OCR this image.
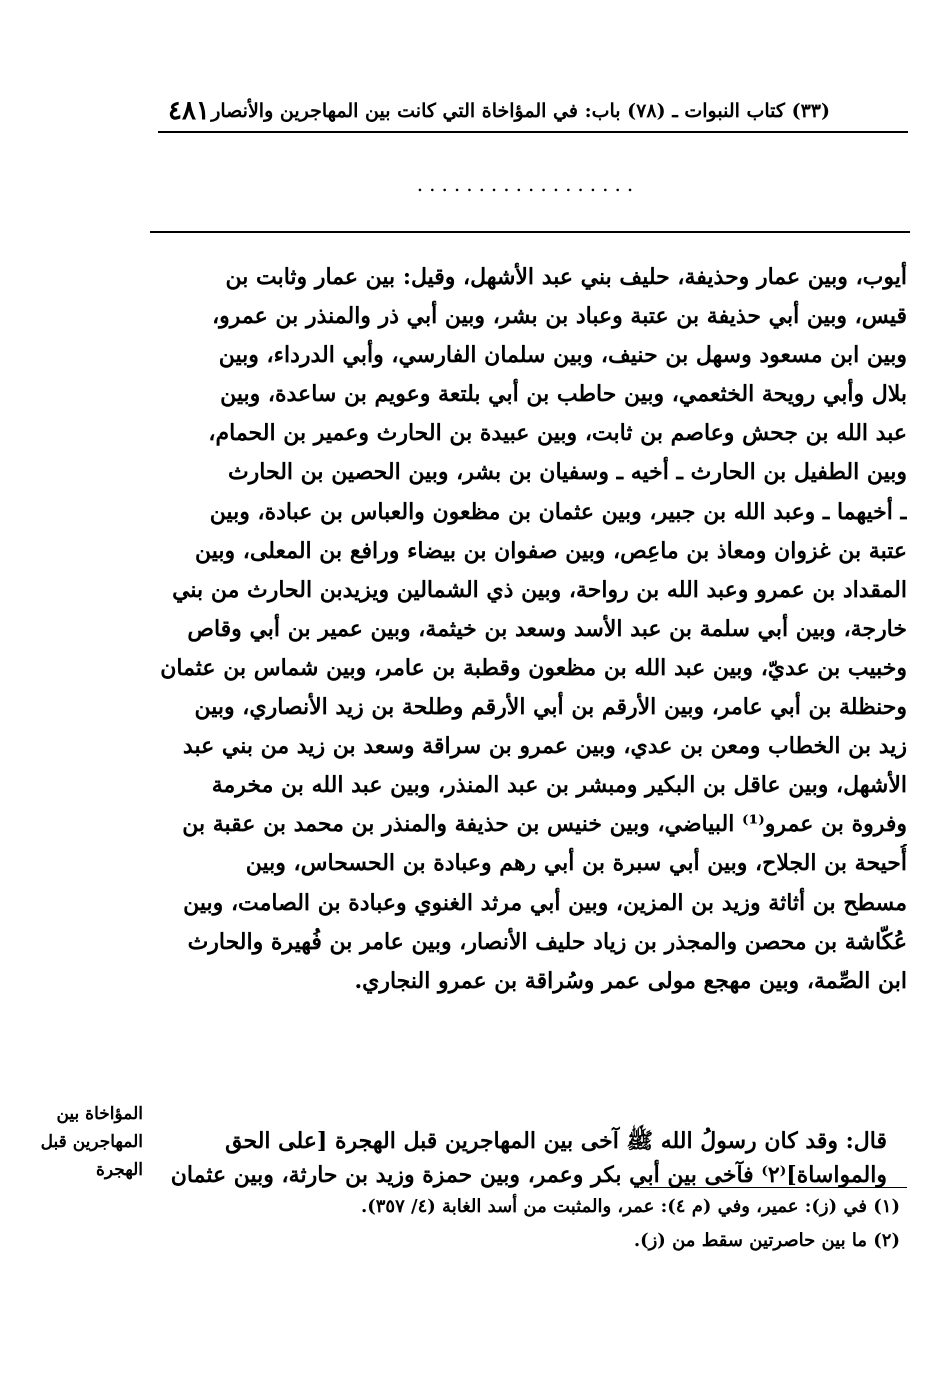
٤٨١ (٣٣) كتاب النبوات ـ (٧٨) باب: في المؤاخاة التي كانت بين المهاجرين والأنصار
..................
أيوب، وبين عمار وحذيفة، حليف بني عبد الأشهل، وقيل: بين عمار وثابت بن
قيس، وبين أبي حذيفة بن عتبة وعباد بن بشر، وبين أبي ذر والمنذر بن عمرو،
وبين ابن مسعود وسهل بن حنيف، وبين سلمان الفارسي، وأبي الدرداء، وبين
بلال وأبي رويحة الخثعمي، وبين حاطب بن أبي بلتعة وعويم بن ساعدة، وبين
عبد الله بن جحش وعاصم بن ثابت، وبين عبيدة بن الحارث وعمير بن الحمام،
وبين الطفيل بن الحارث ـ أخيه ـ وسفيان بن بشر، وبين الحصين بن الحارث
ـ أخيهما ـ وعبد الله بن جبير، وبين عثمان بن مظعون والعباس بن عبادة، وبين
عتبة بن غزوان ومعاذ بن ماعِص، وبين صفوان بن بيضاء ورافع بن المعلى، وبين
المقداد بن عمرو وعبد الله بن رواحة، وبين ذي الشمالين ويزيدبن الحارث من بني
خارجة، وبين أبي سلمة بن عبد الأسد وسعد بن خيثمة، وبين عمير بن أبي وقاص
وخبيب بن عديّ، وبين عبد الله بن مظعون وقطبة بن عامر، وبين شماس بن عثمان
وحنظلة بن أبي عامر، وبين الأرقم بن أبي الأرقم وطلحة بن زيد الأنصاري، وبين
زيد بن الخطاب ومعن بن عدي، وبين عمرو بن سراقة وسعد بن زيد من بني عبد
الأشهل، وبين عاقل بن البكير ومبشر بن عبد المنذر، وبين عبد الله بن مخرمة
وفروة بن عمرو⁽¹⁾ البياضي، وبين خنيس بن حذيفة والمنذر بن محمد بن عقبة بن
أُحيحة بن الجلاح، وبين أبي سبرة بن أبي رهم وعبادة بن الحسحاس، وبين
مسطح بن أثاثة وزيد بن المزين، وبين أبي مرثد الغنوي وعبادة بن الصامت، وبين
عُكّاشة بن محصن والمجذر بن زياد حليف الأنصار، وبين عامر بن فُهيرة والحارث
ابن الصِّمة، وبين مهجع مولى عمر وسُراقة بن عمرو النجاري.
المؤاخاة بين
المهاجرين قبل
الهجرة
قال: وقد كان رسولُ الله ﷺ آخى بين المهاجرين قبل الهجرة [على الحق
والمواساة]⁽٢⁾ فآخى بين أبي بكر وعمر، وبين حمزة وزيد بن حارثة، وبين عثمان
(١) في (ز): عمير، وفي (م ٤): عمر، والمثبت من أسد الغابة (٤/ ٣٥٧).
(٢) ما بين حاصرتين سقط من (ز).
